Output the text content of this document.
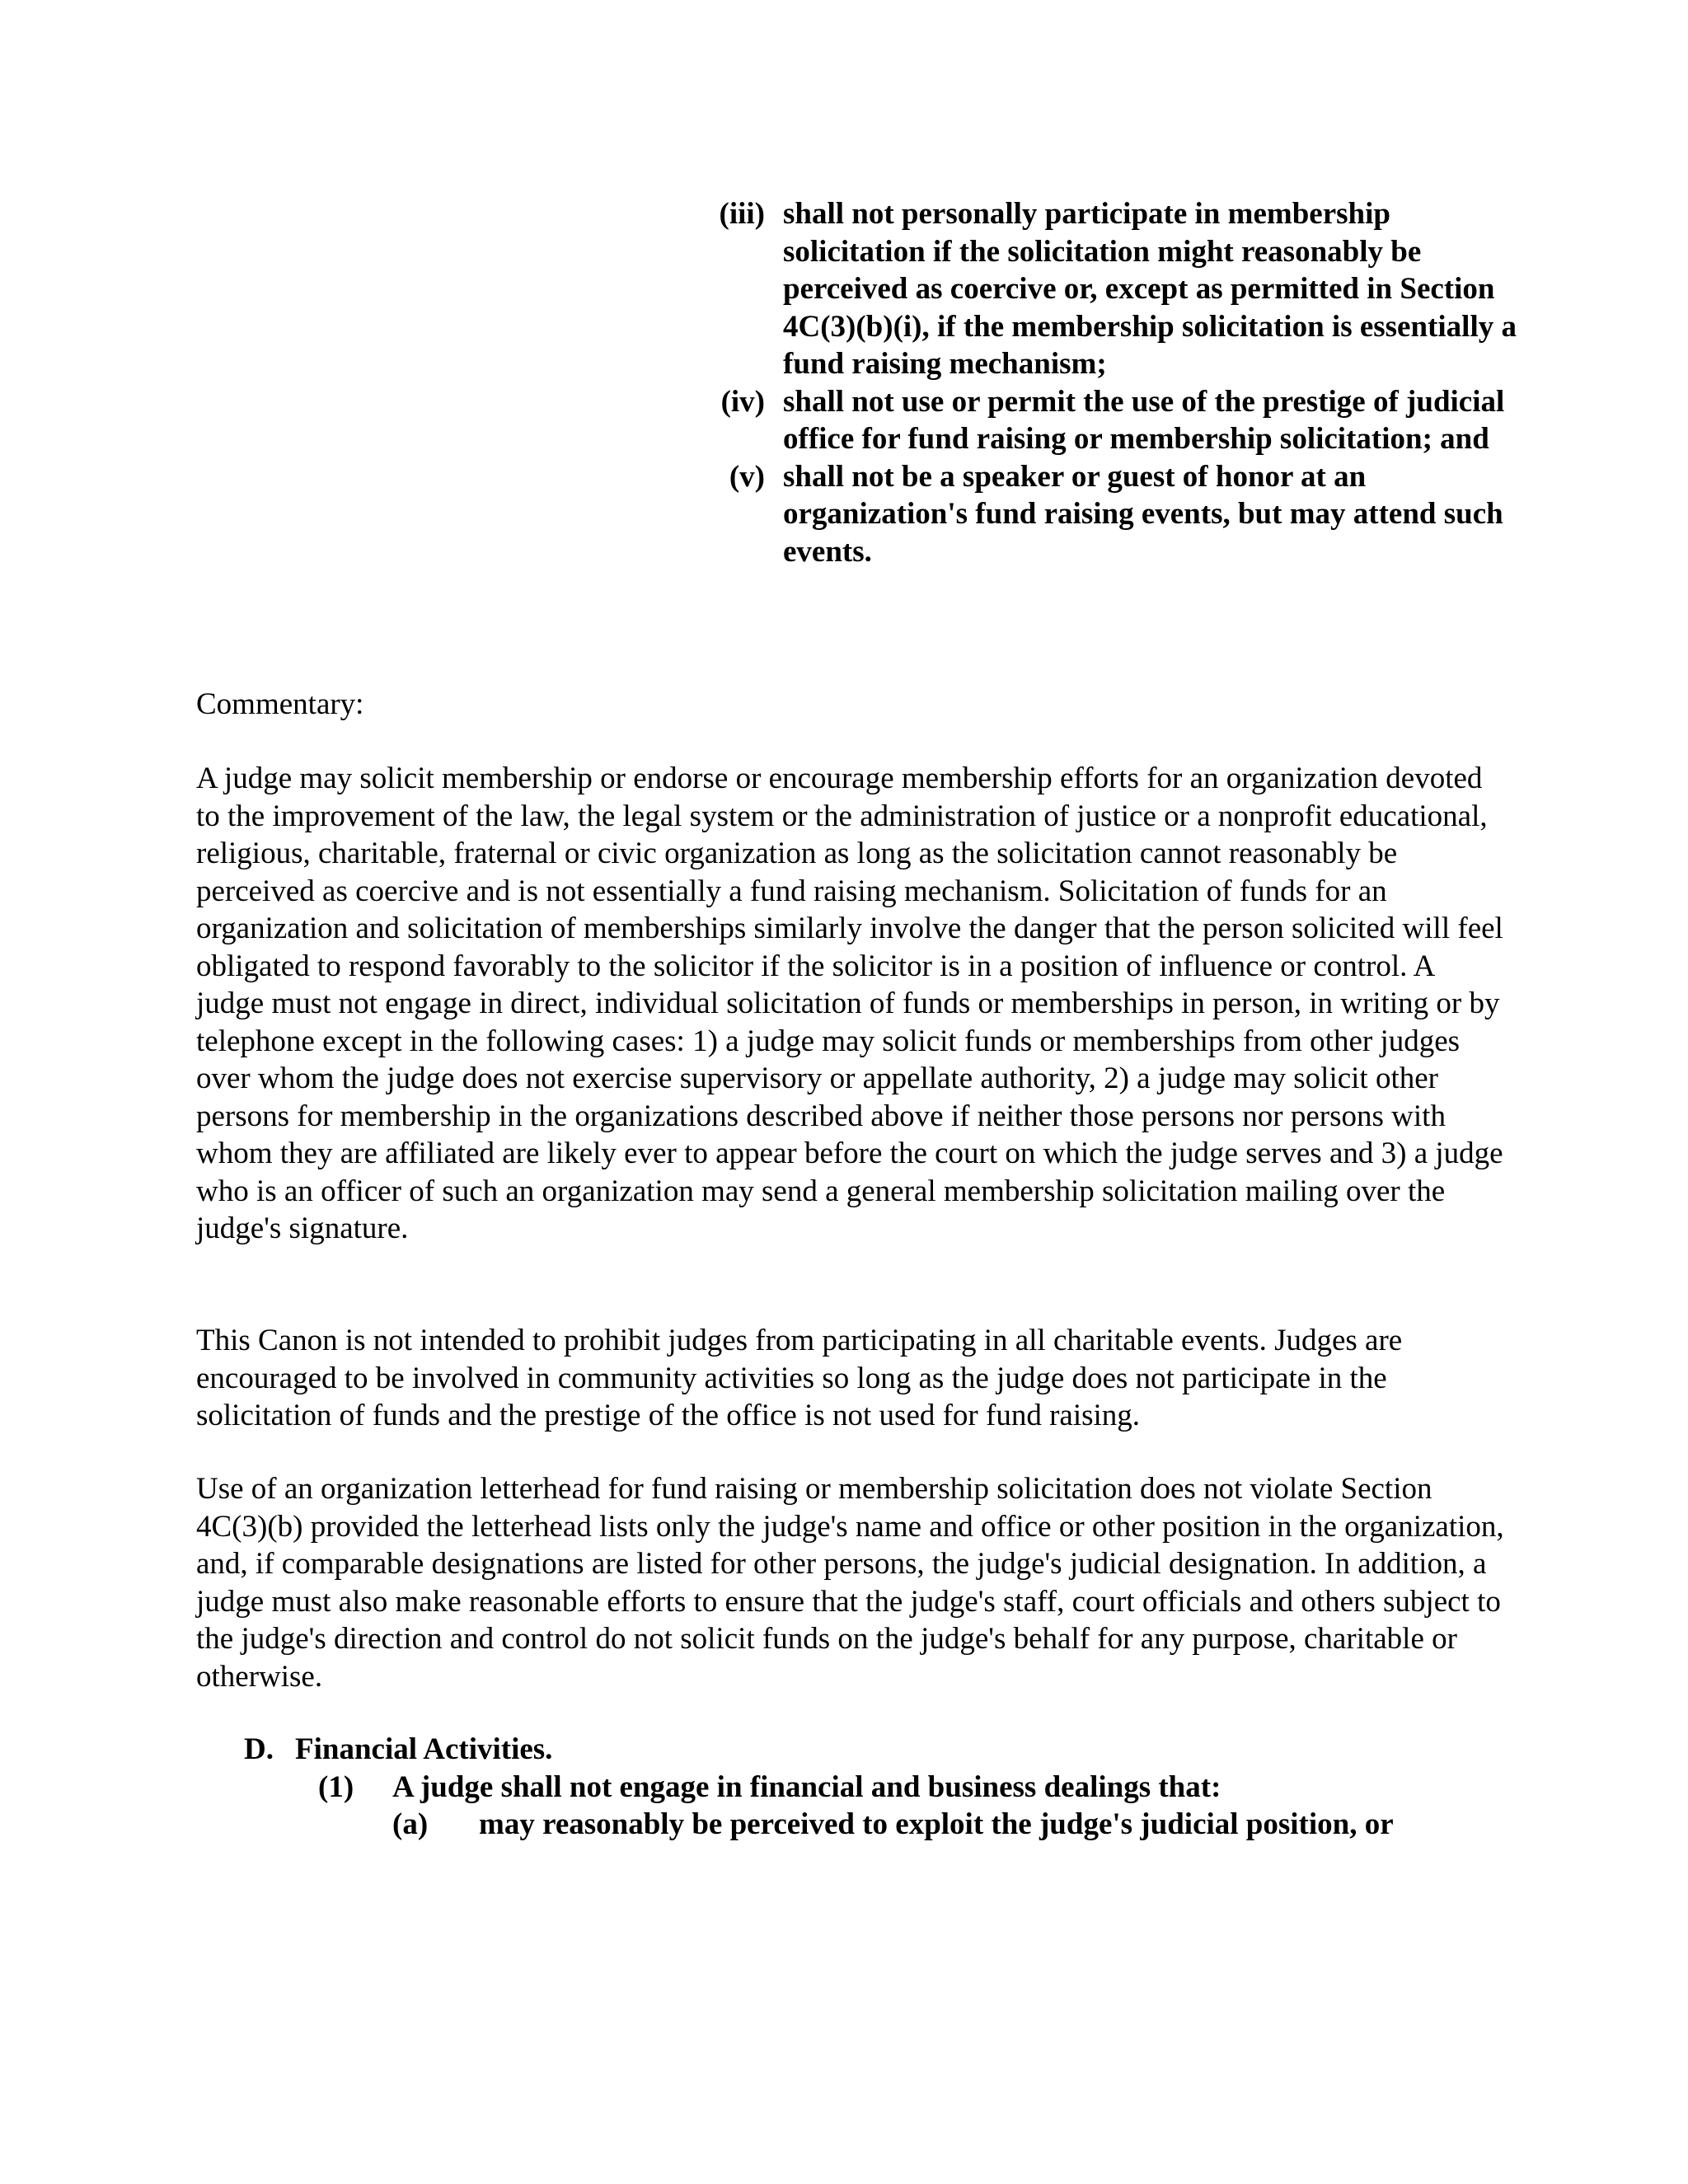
(iii) shall not personally participate in membership solicitation if the solicitation might reasonably be perceived as coercive or, except as permitted in Section 4C(3)(b)(i), if the membership solicitation is essentially a fund raising mechanism;
(iv) shall not use or permit the use of the prestige of judicial office for fund raising or membership solicitation; and
(v) shall not be a speaker or guest of honor at an organization's fund raising events, but may attend such events.
Commentary:

A judge may solicit membership or endorse or encourage membership efforts for an organization devoted to the improvement of the law, the legal system or the administration of justice or a nonprofit educational, religious, charitable, fraternal or civic organization as long as the solicitation cannot reasonably be perceived as coercive and is not essentially a fund raising mechanism. Solicitation of funds for an organization and solicitation of memberships similarly involve the danger that the person solicited will feel obligated to respond favorably to the solicitor if the solicitor is in a position of influence or control. A judge must not engage in direct, individual solicitation of funds or memberships in person, in writing or by telephone except in the following cases: 1) a judge may solicit funds or memberships from other judges over whom the judge does not exercise supervisory or appellate authority, 2) a judge may solicit other persons for membership in the organizations described above if neither those persons nor persons with whom they are affiliated are likely ever to appear before the court on which the judge serves and 3) a judge who is an officer of such an organization may send a general membership solicitation mailing over the judge's signature.

This Canon is not intended to prohibit judges from participating in all charitable events. Judges are encouraged to be involved in community activities so long as the judge does not participate in the solicitation of funds and the prestige of the office is not used for fund raising.

Use of an organization letterhead for fund raising or membership solicitation does not violate Section 4C(3)(b) provided the letterhead lists only the judge's name and office or other position in the organization, and, if comparable designations are listed for other persons, the judge's judicial designation. In addition, a judge must also make reasonable efforts to ensure that the judge's staff, court officials and others subject to the judge's direction and control do not solicit funds on the judge's behalf for any purpose, charitable or otherwise.

D. Financial Activities.
(1) A judge shall not engage in financial and business dealings that:
(a) may reasonably be perceived to exploit the judge's judicial position, or
